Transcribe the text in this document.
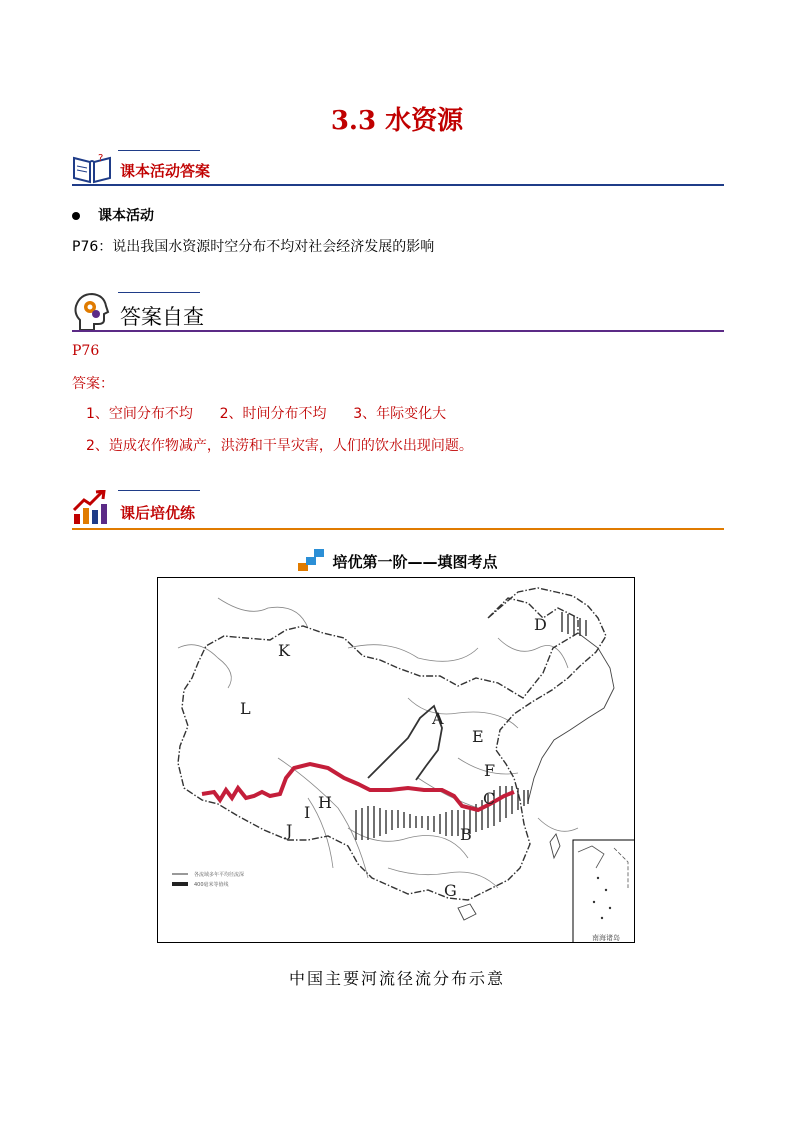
3.3 水资源
?
课本活动答案
课本活动
P76：说出我国水资源时空分布不均对社会经济发展的影响
答案自查
P76
答案：
1、空间分布不均      2、时间分布不均      3、年际变化大
2、造成农作物减产，洪涝和干旱灾害，人们的饮水出现问题。
课后培优练
培优第一阶——填图考点
A
B
C
D
E
F
G
H
I
J
K
L
各流域多年平均径流深
400毫米等值线
南海诸岛
中国主要河流径流分布示意
